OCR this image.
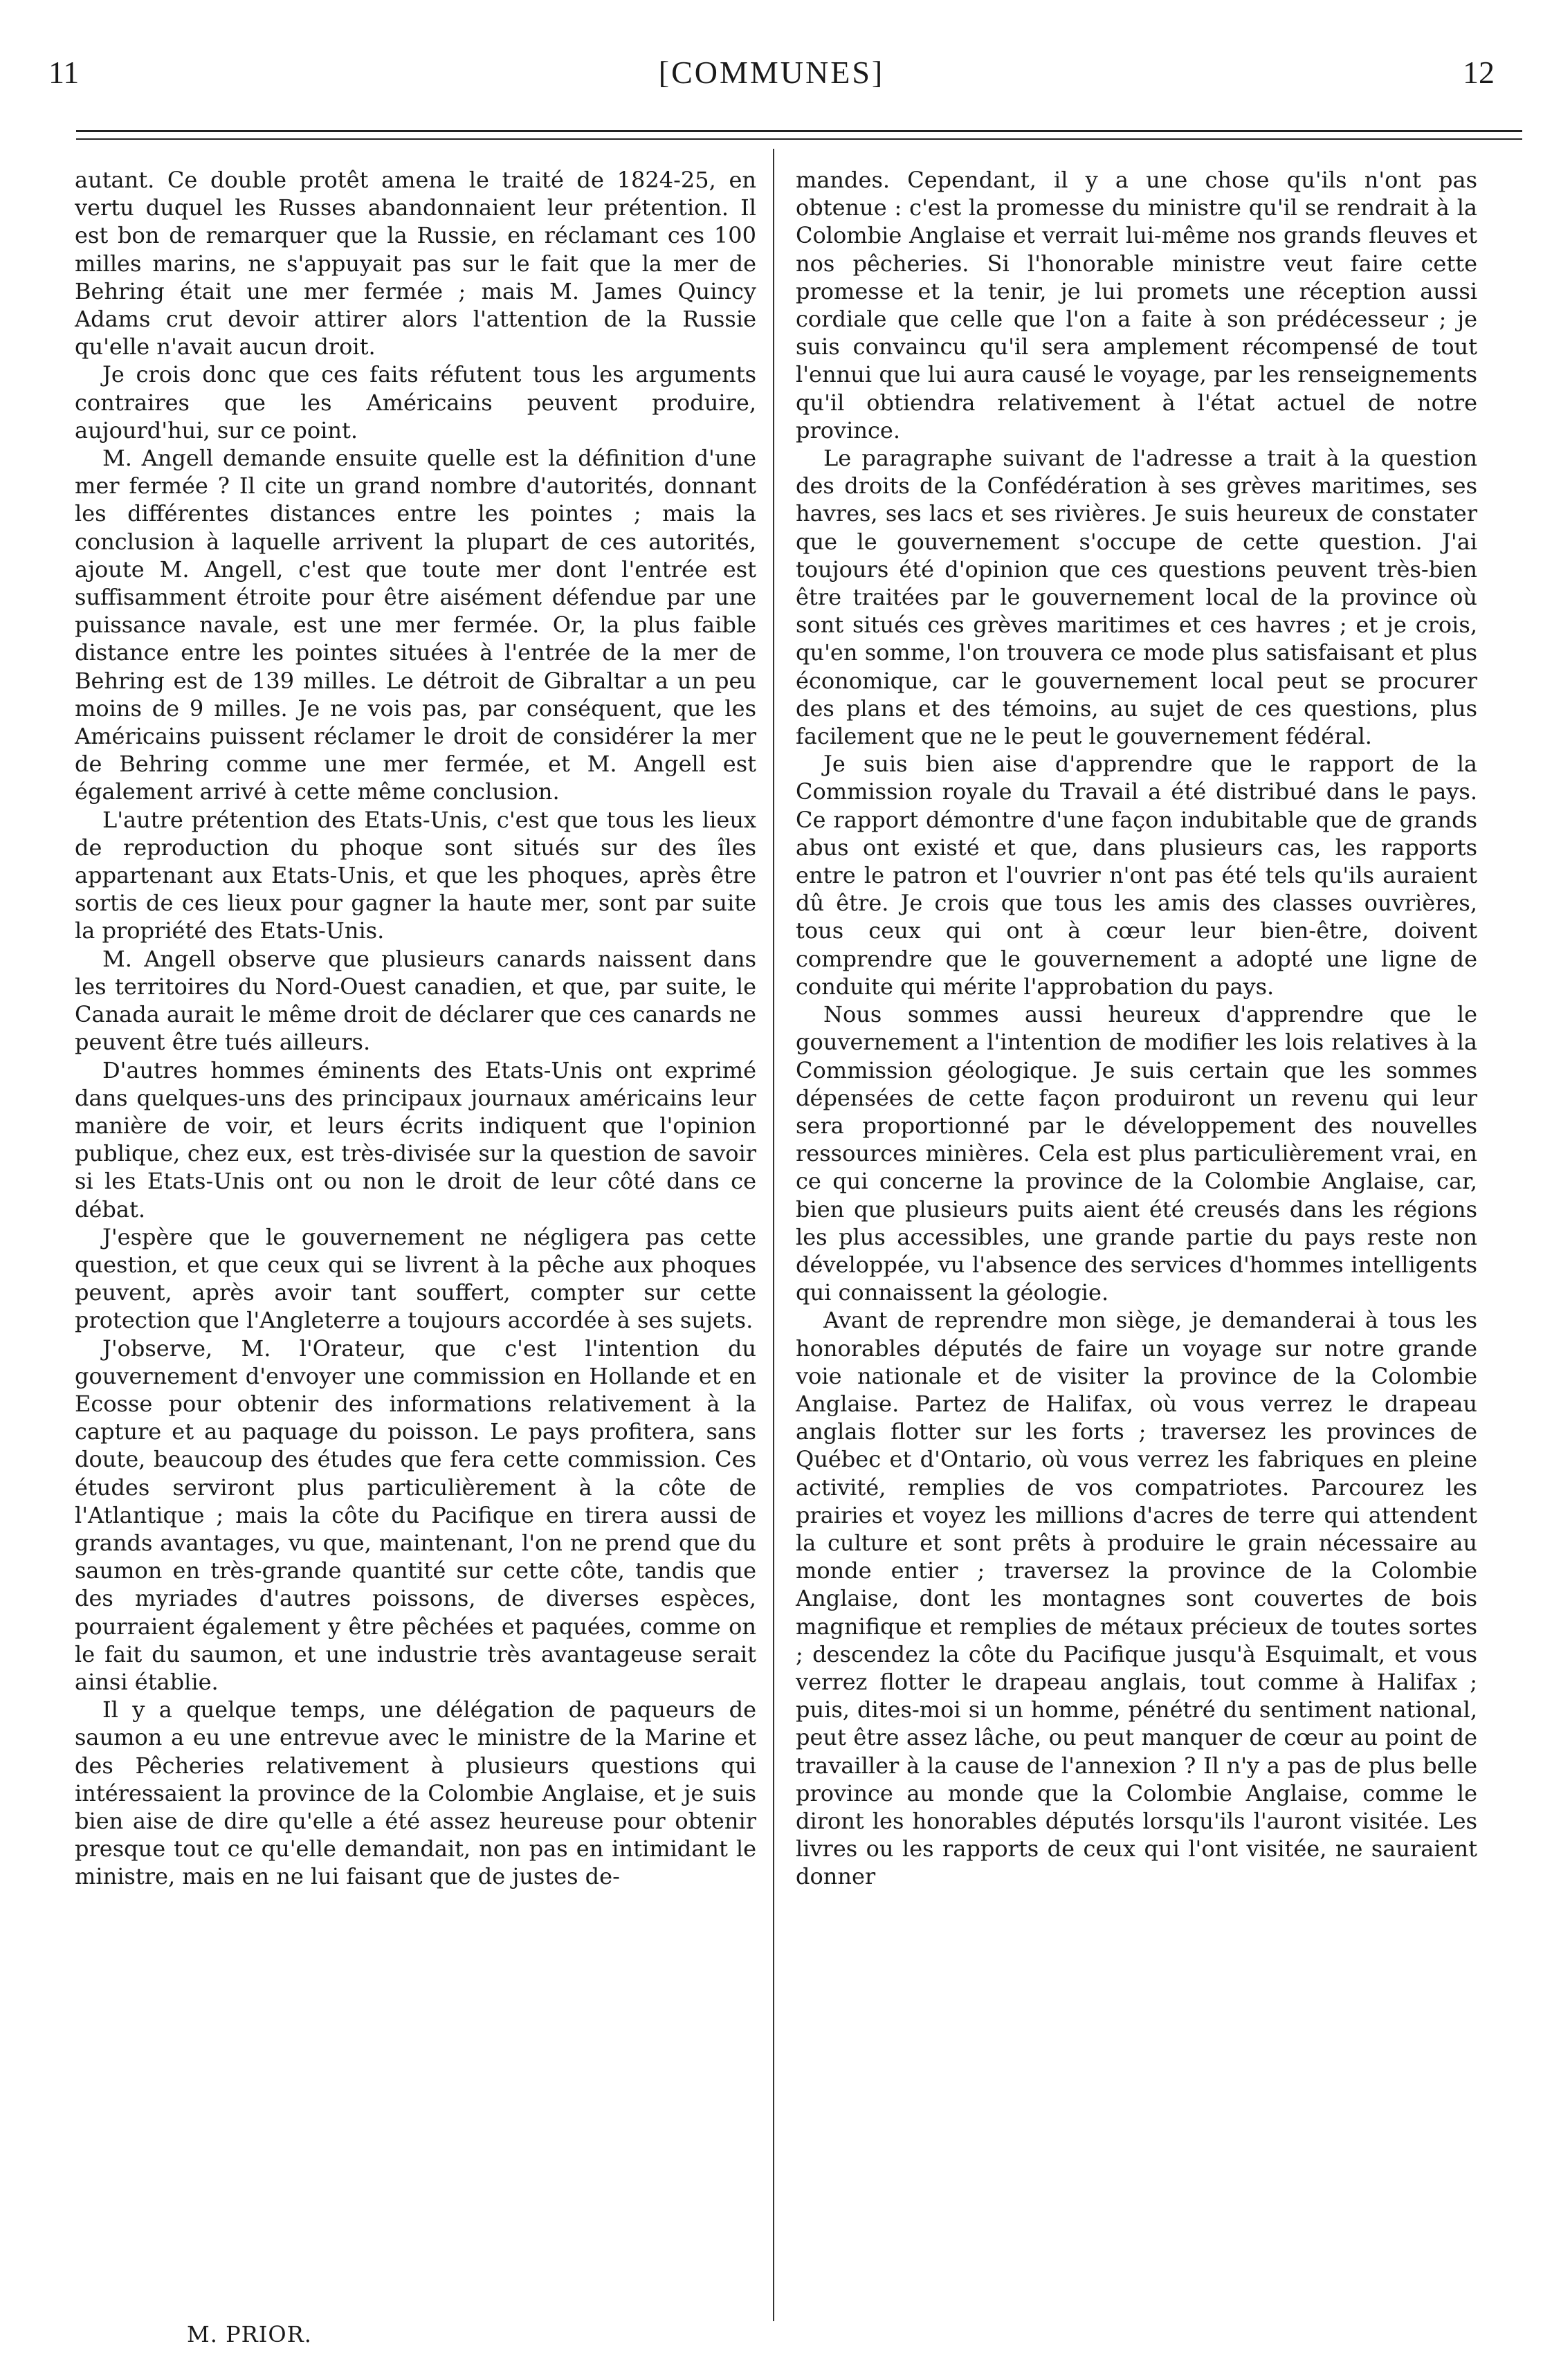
11	[COMMUNES]	12

autant. Ce double protêt amena le traité de 1824-25, en vertu duquel les Russes abandonnaient leur prétention. Il est bon de remarquer que la Russie, en réclamant ces 100 milles marins, ne s'appuyait pas sur le fait que la mer de Behring était une mer fermée ; mais M. James Quincy Adams crut devoir attirer alors l'attention de la Russie qu'elle n'avait aucun droit.

Je crois donc que ces faits réfutent tous les arguments contraires que les Américains peuvent produire, aujourd'hui, sur ce point.

M. Angell demande ensuite quelle est la définition d'une mer fermée ? Il cite un grand nombre d'autorités, donnant les différentes distances entre les pointes ; mais la conclusion à laquelle arrivent la plupart de ces autorités, ajoute M. Angell, c'est que toute mer dont l'entrée est suffisamment étroite pour être aisément défendue par une puissance navale, est une mer fermée. Or, la plus faible distance entre les pointes situées à l'entrée de la mer de Behring est de 139 milles. Le détroit de Gibraltar a un peu moins de 9 milles. Je ne vois pas, par conséquent, que les Américains puissent réclamer le droit de considérer la mer de Behring comme une mer fermée, et M. Angell est également arrivé à cette même conclusion.

L'autre prétention des Etats-Unis, c'est que tous les lieux de reproduction du phoque sont situés sur des îles appartenant aux Etats-Unis, et que les phoques, après être sortis de ces lieux pour gagner la haute mer, sont par suite la propriété des Etats-Unis.

M. Angell observe que plusieurs canards naissent dans les territoires du Nord-Ouest canadien, et que, par suite, le Canada aurait le même droit de déclarer que ces canards ne peuvent être tués ailleurs.

D'autres hommes éminents des Etats-Unis ont exprimé dans quelques-uns des principaux journaux américains leur manière de voir, et leurs écrits indiquent que l'opinion publique, chez eux, est très-divisée sur la question de savoir si les Etats-Unis ont ou non le droit de leur côté dans ce débat.

J'espère que le gouvernement ne négligera pas cette question, et que ceux qui se livrent à la pêche aux phoques peuvent, après avoir tant souffert, compter sur cette protection que l'Angleterre a toujours accordée à ses sujets.

J'observe, M. l'Orateur, que c'est l'intention du gouvernement d'envoyer une commission en Hollande et en Ecosse pour obtenir des informations relativement à la capture et au paquage du poisson. Le pays profitera, sans doute, beaucoup des études que fera cette commission. Ces études serviront plus particulièrement à la côte de l'Atlantique ; mais la côte du Pacifique en tirera aussi de grands avantages, vu que, maintenant, l'on ne prend que du saumon en très-grande quantité sur cette côte, tandis que des myriades d'autres poissons, de diverses espèces, pourraient également y être pêchées et paquées, comme on le fait du saumon, et une industrie très avantageuse serait ainsi établie.

Il y a quelque temps, une délégation de paqueurs de saumon a eu une entrevue avec le ministre de la Marine et des Pêcheries relativement à plusieurs questions qui intéressaient la province de la Colombie Anglaise, et je suis bien aise de dire qu'elle a été assez heureuse pour obtenir presque tout ce qu'elle demandait, non pas en intimidant le ministre, mais en ne lui faisant que de justes de-

mandes. Cependant, il y a une chose qu'ils n'ont pas obtenue : c'est la promesse du ministre qu'il se rendrait à la Colombie Anglaise et verrait lui-même nos grands fleuves et nos pêcheries. Si l'honorable ministre veut faire cette promesse et la tenir, je lui promets une réception aussi cordiale que celle que l'on a faite à son prédécesseur ; je suis convaincu qu'il sera amplement récompensé de tout l'ennui que lui aura causé le voyage, par les renseignements qu'il obtiendra relativement à l'état actuel de notre province.

Le paragraphe suivant de l'adresse a trait à la question des droits de la Confédération à ses grèves maritimes, ses havres, ses lacs et ses rivières. Je suis heureux de constater que le gouvernement s'occupe de cette question. J'ai toujours été d'opinion que ces questions peuvent très-bien être traitées par le gouvernement local de la province où sont situés ces grèves maritimes et ces havres ; et je crois, qu'en somme, l'on trouvera ce mode plus satisfaisant et plus économique, car le gouvernement local peut se procurer des plans et des témoins, au sujet de ces questions, plus facilement que ne le peut le gouvernement fédéral.

Je suis bien aise d'apprendre que le rapport de la Commission royale du Travail a été distribué dans le pays. Ce rapport démontre d'une façon indubitable que de grands abus ont existé et que, dans plusieurs cas, les rapports entre le patron et l'ouvrier n'ont pas été tels qu'ils auraient dû être. Je crois que tous les amis des classes ouvrières, tous ceux qui ont à cœur leur bien-être, doivent comprendre que le gouvernement a adopté une ligne de conduite qui mérite l'approbation du pays.

Nous sommes aussi heureux d'apprendre que le gouvernement a l'intention de modifier les lois relatives à la Commission géologique. Je suis certain que les sommes dépensées de cette façon produiront un revenu qui leur sera proportionné par le développement des nouvelles ressources minières. Cela est plus particulièrement vrai, en ce qui concerne la province de la Colombie Anglaise, car, bien que plusieurs puits aient été creusés dans les régions les plus accessibles, une grande partie du pays reste non développée, vu l'absence des services d'hommes intelligents qui connaissent la géologie.

Avant de reprendre mon siège, je demanderai à tous les honorables députés de faire un voyage sur notre grande voie nationale et de visiter la province de la Colombie Anglaise. Partez de Halifax, où vous verrez le drapeau anglais flotter sur les forts ; traversez les provinces de Québec et d'Ontario, où vous verrez les fabriques en pleine activité, remplies de vos compatriotes. Parcourez les prairies et voyez les millions d'acres de terre qui attendent la culture et sont prêts à produire le grain nécessaire au monde entier ; traversez la province de la Colombie Anglaise, dont les montagnes sont couvertes de bois magnifique et remplies de métaux précieux de toutes sortes ; descendez la côte du Pacifique jusqu'à Esquimalt, et vous verrez flotter le drapeau anglais, tout comme à Halifax ; puis, dites-moi si un homme, pénétré du sentiment national, peut être assez lâche, ou peut manquer de cœur au point de travailler à la cause de l'annexion ? Il n'y a pas de plus belle province au monde que la Colombie Anglaise, comme le diront les honorables députés lorsqu'ils l'auront visitée. Les livres ou les rapports de ceux qui l'ont visitée, ne sauraient donner

M. PRIOR.
